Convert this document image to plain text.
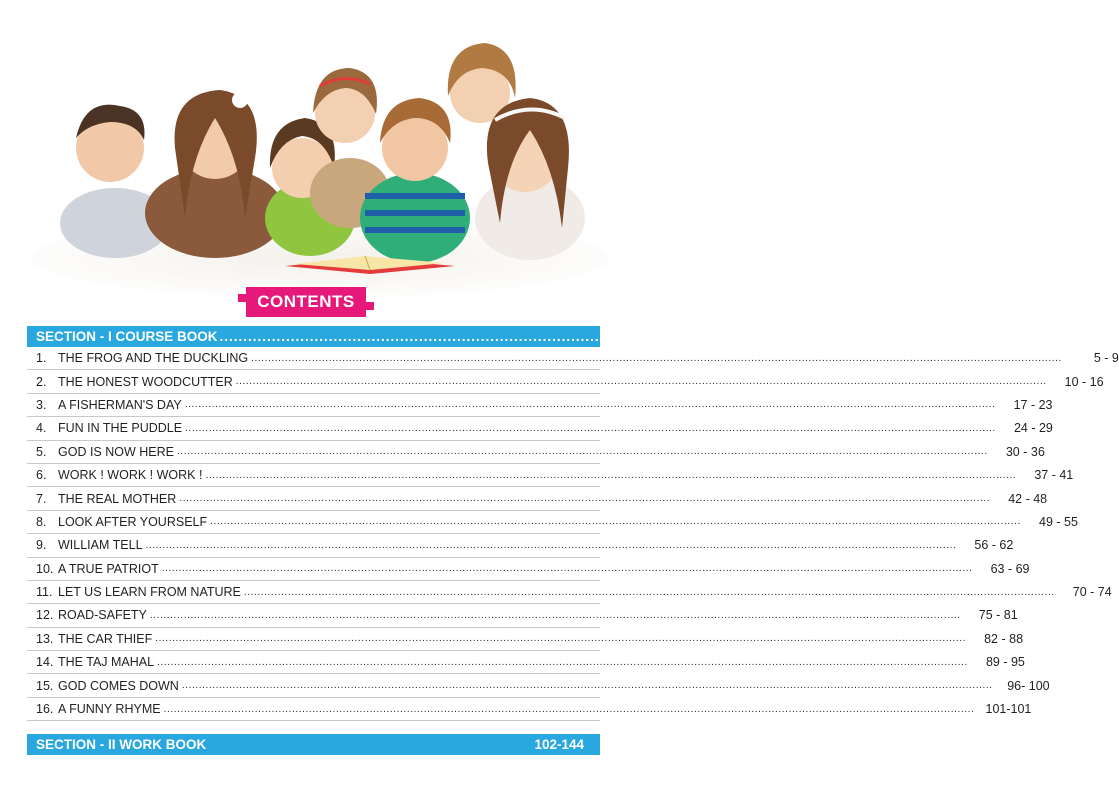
CONTENTS
SECTION - I COURSE BOOK .......................................................................................................... 4 - 101
1. THE FROG AND THE DUCKLING ................................................................................................................................................................................................................................................	5 - 9
2. THE HONEST WOODCUTTER ................................................................................................................................................................................................................................................	10 - 16
3. A FISHERMAN'S DAY ................................................................................................................................................................................................................................................	17 - 23
4. FUN IN THE PUDDLE ................................................................................................................................................................................................................................................	24 - 29
5. GOD IS NOW HERE ................................................................................................................................................................................................................................................	30 - 36
6. WORK ! WORK ! WORK ! ................................................................................................................................................................................................................................................	37 - 41
7. THE REAL MOTHER ................................................................................................................................................................................................................................................	42 - 48
8. LOOK AFTER YOURSELF ................................................................................................................................................................................................................................................	49 - 55
9. WILLIAM TELL ................................................................................................................................................................................................................................................	56 - 62
10. A TRUE PATRIOT ................................................................................................................................................................................................................................................	63 - 69
11. LET US LEARN FROM NATURE ................................................................................................................................................................................................................................................	70 - 74
12. ROAD-SAFETY ................................................................................................................................................................................................................................................	75 - 81
13. THE CAR THIEF ................................................................................................................................................................................................................................................	82 - 88
14. THE TAJ MAHAL ................................................................................................................................................................................................................................................	89 - 95
15. GOD COMES DOWN ................................................................................................................................................................................................................................................	96- 100
16. A FUNNY RHYME ................................................................................................................................................................................................................................................ 101-101
SECTION - II WORK BOOK	102-144
